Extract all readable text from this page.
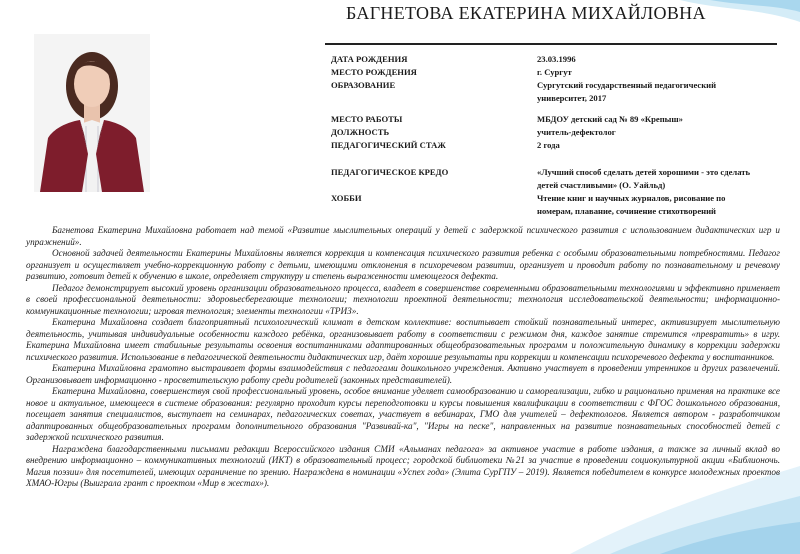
БАГНЕТОВА ЕКАТЕРИНА МИХАЙЛОВНА
ДАТА РОЖДЕНИЯ	23.03.1996
МЕСТО РОЖДЕНИЯ	г. Сургут
ОБРАЗОВАНИЕ	Сургутский государственный педагогический университет, 2017
МЕСТО РАБОТЫ	МБДОУ детский сад № 89 «Крепыш»
ДОЛЖНОСТЬ	учитель-дефектолог
ПЕДАГОГИЧЕСКИЙ СТАЖ	2 года
ПЕДАГОГИЧЕСКОЕ КРЕДО	«Лучший способ сделать детей хорошими - это сделать детей счастливыми» (О. Уайльд)
ХОББИ	Чтение книг и научных журналов, рисование по номерам, плавание, сочинение стихотворений

Багнетова Екатерина Михайловна работает над темой «Развитие мыслительных операций у детей с задержкой психического развития с использованием дидактических игр и упражнений».

Основной задачей деятельности Екатерины Михайловны является коррекция и компенсация психического развития ребенка с особыми образовательными потребностями. Педагог организует и осуществляет учебно-коррекционную работу с детьми, имеющими отклонения в психоречевом развитии, организует и проводит работу по познавательному и речевому развитию, готовит детей к обучению в школе, определяет структуру и степень выраженности имеющегося дефекта.

Педагог демонстрирует высокий уровень организации образовательного процесса, владеет в совершенстве современными образовательными технологиями и эффективно применяет в своей профессиональной деятельности: здоровьесберегающие технологии; технологии проектной деятельности; технология исследовательской деятельности; информационно-коммуникационные технологии; игровая технология; элементы технологии «ТРИЗ».

Екатерина Михайловна создает благоприятный психологический климат в детском коллективе: воспитывает стойкий познавательный интерес, активизирует мыслительную деятельность, учитывая индивидуальные особенности каждого ребёнка, организовывает работу в соответствии с режимом дня, каждое занятие стремится «превратить» в игру. Екатерина Михайловна имеет стабильные результаты освоения воспитанниками адаптированных общеобразовательных программ и положительную динамику в коррекции задержки психического развития. Использование в педагогической деятельности дидактических игр, даёт хорошие результаты при коррекции и компенсации психоречевого дефекта у воспитанников.

Екатерина Михайловна грамотно выстраивает формы взаимодействия с педагогами дошкольного учреждения. Активно участвует в проведении утренников и других развлечений. Организовывает информационно - просветительскую работу среди родителей (законных представителей).

Екатерина Михайловна, совершенствуя свой профессиональный уровень, особое внимание уделяет самообразованию и самореализации, гибко и рационально применяя на практике все новое и актуальное, имеющееся в системе образования: регулярно проходит курсы переподготовки и курсы повышения квалификации в соответствии с ФГОС дошкольного образования, посещает занятия специалистов, выступает на семинарах, педагогических советах, участвует в вебинарах, ГМО для учителей – дефектологов. Является автором - разработчиком адаптированных общеобразовательных программ дополнительного образования "Развивай-ка", "Игры на песке", направленных на развитие познавательных способностей детей с задержкой психического развития.

Награждена благодарственными письмами редакции Всероссийского издания СМИ «Альманах педагога» за активное участие в работе издания, а также за личный вклад во внедрению информационно – коммуникативных технологий (ИКТ) в образовательный процесс; городской библиотеки №21 за участие в проведении социокультурной акции «Библионочь. Магия поэзии» для посетителей, имеющих ограничение по зрению. Награждена в номинации «Успех года» (Элита СурГПУ – 2019). Является победителем в конкурсе молодежных проектов ХМАО-Югры (Выиграла грант с проектом «Мир в жестах»).
